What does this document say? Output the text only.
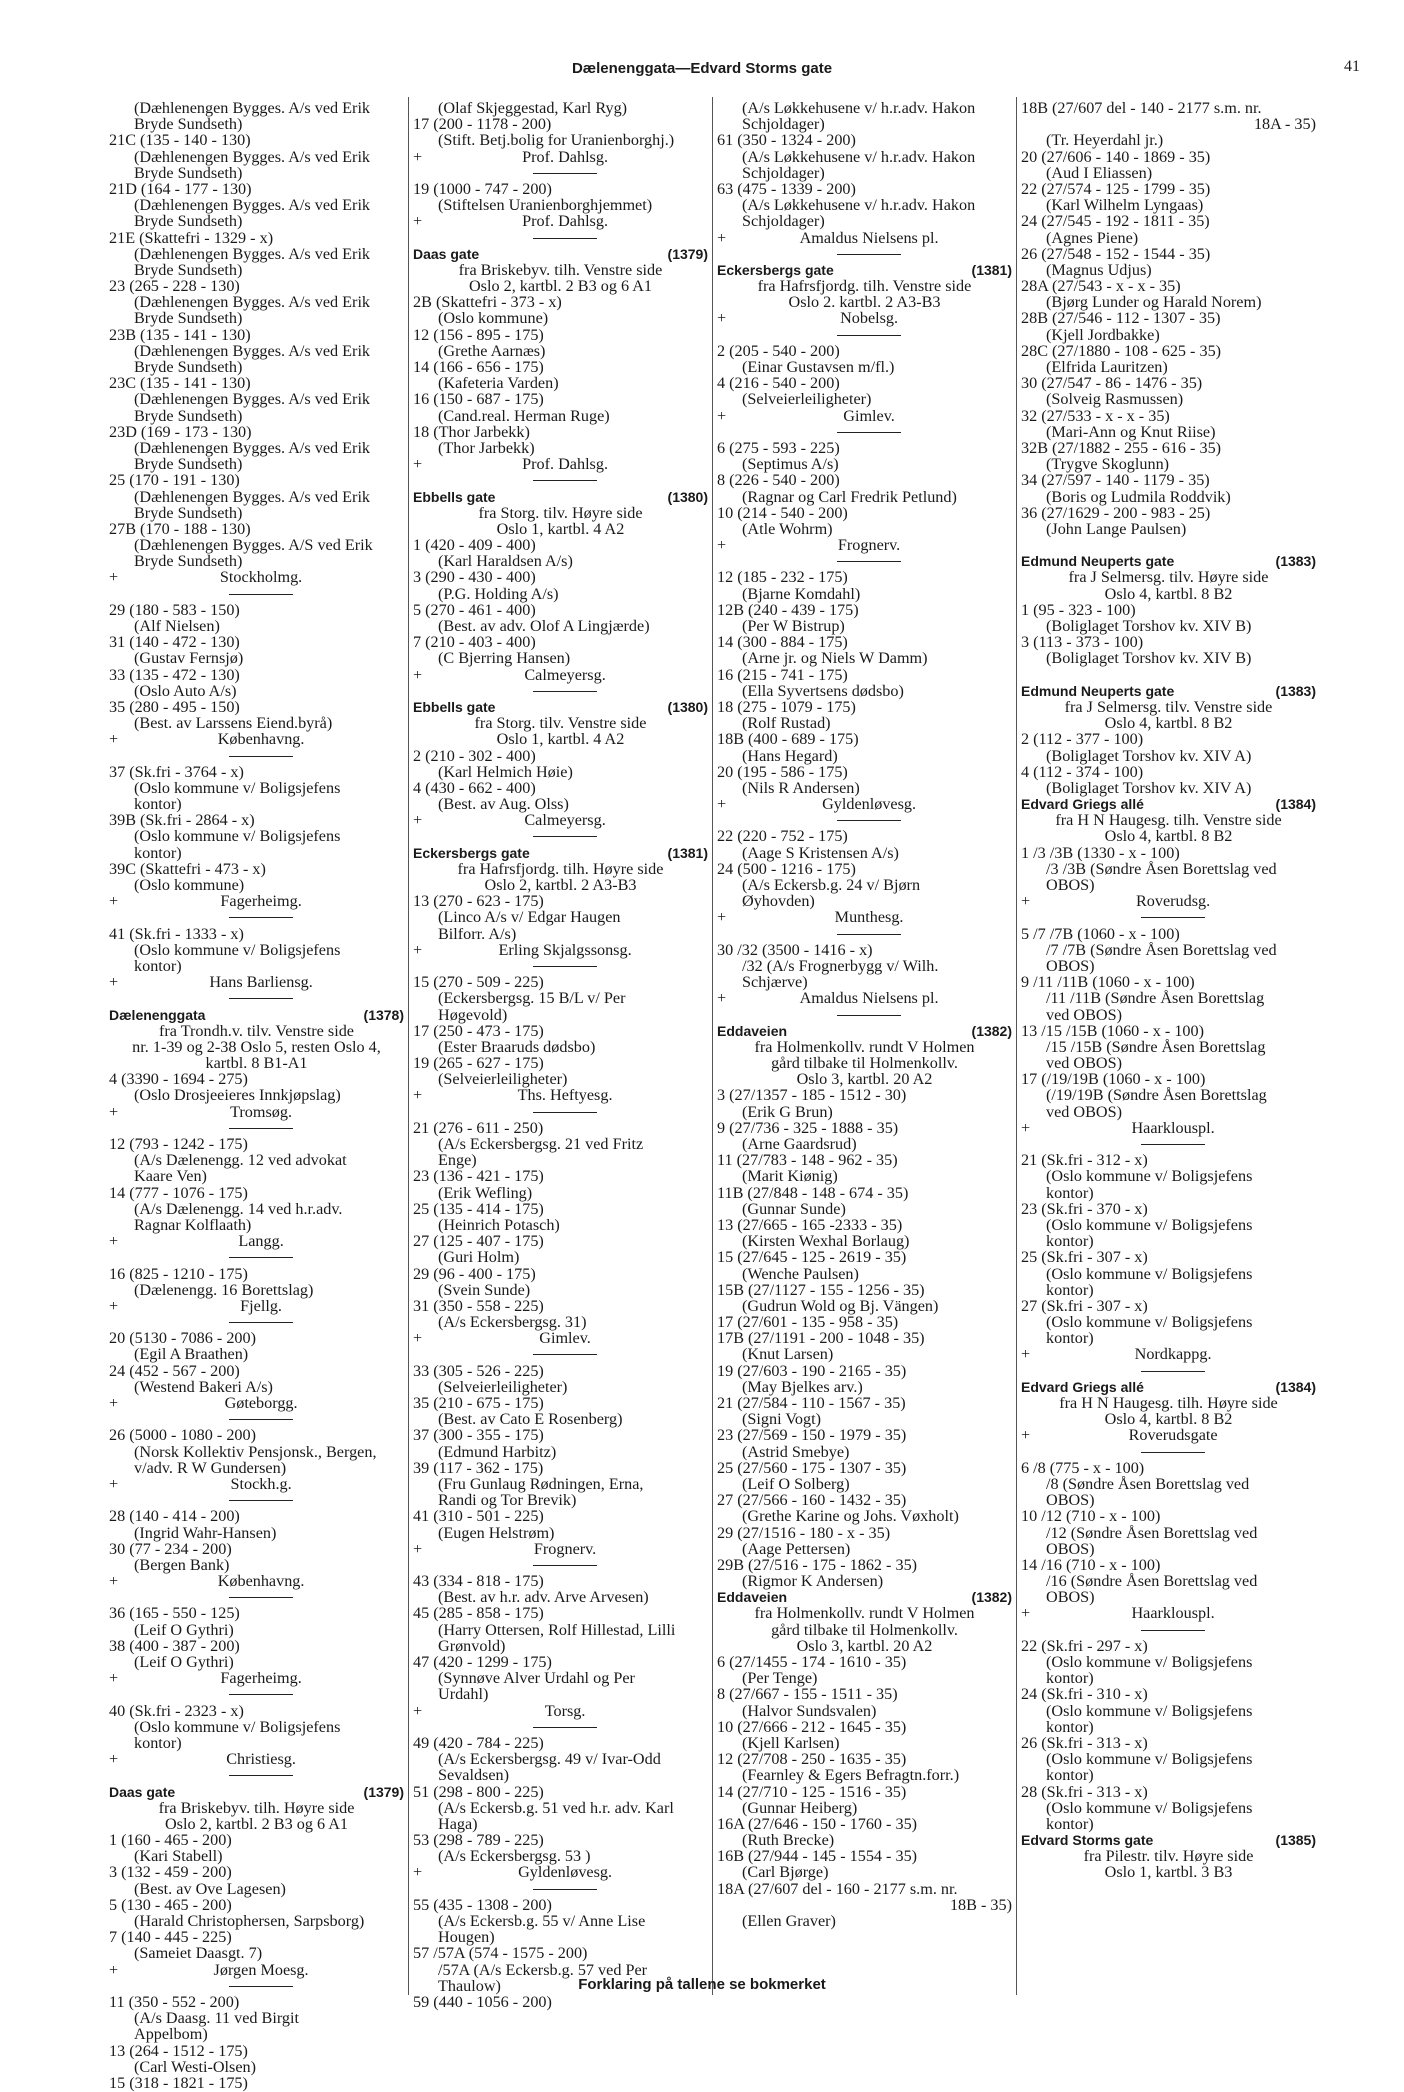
Dælenenggata—Edvard Storms gate	41
(Dæhlenengen Bygges. A/s ved Erik
Bryde Sundseth)
21C (135 - 140 - 130)
(Dæhlenengen Bygges. A/s ved Erik
Bryde Sundseth)
21D (164 - 177 - 130)
(Dæhlenengen Bygges. A/s ved Erik
Bryde Sundseth)
21E (Skattefri - 1329 - x)
(Dæhlenengen Bygges. A/s ved Erik
Bryde Sundseth)
23 (265 - 228 - 130)
(Dæhlenengen Bygges. A/s ved Erik
Bryde Sundseth)
23B (135 - 141 - 130)
(Dæhlenengen Bygges. A/s ved Erik
Bryde Sundseth)
23C (135 - 141 - 130)
(Dæhlenengen Bygges. A/s ved Erik
Bryde Sundseth)
23D (169 - 173 - 130)
(Dæhlenengen Bygges. A/s ved Erik
Bryde Sundseth)
25 (170 - 191 - 130)
(Dæhlenengen Bygges. A/s ved Erik
Bryde Sundseth)
27B (170 - 188 - 130)
(Dæhlenengen Bygges. A/S ved Erik
Bryde Sundseth)
+	Stockholmg.
29 (180 - 583 - 150)
(Alf Nielsen)
31 (140 - 472 - 130)
(Gustav Fernsjø)
33 (135 - 472 - 130)
(Oslo Auto A/s)
35 (280 - 495 - 150)
(Best. av Larssens Eiend.byrå)
+	Københavng.
37 (Sk.fri - 3764 - x)
(Oslo kommune v/ Boligsjefens
kontor)
39B (Sk.fri - 2864 - x)
(Oslo kommune v/ Boligsjefens
kontor)
39C (Skattefri - 473 - x)
(Oslo kommune)
+	Fagerheimg.
41 (Sk.fri - 1333 - x)
(Oslo kommune v/ Boligsjefens
kontor)
+	Hans Barliensg.
Dælenenggata	(1378)
fra Trondh.v. tilv. Venstre side
nr. 1-39 og 2-38 Oslo 5, resten Oslo 4,
kartbl. 8 B1-A1
4 (3390 - 1694 - 275)
(Oslo Drosjeeieres Innkjøpslag)
+	Tromsøg.
12 (793 - 1242 - 175)
(A/s Dælenengg. 12 ved advokat
Kaare Ven)
14 (777 - 1076 - 175)
(A/s Dælenengg. 14 ved h.r.adv.
Ragnar Kolflaath)
+	Langg.
16 (825 - 1210 - 175)
(Dælenengg. 16 Borettslag)
+	Fjellg.
20 (5130 - 7086 - 200)
(Egil A Braathen)
24 (452 - 567 - 200)
(Westend Bakeri A/s)
+	Gøteborgg.
26 (5000 - 1080 - 200)
(Norsk Kollektiv Pensjonsk., Bergen,
v/adv. R W Gundersen)
+	Stockh.g.
28 (140 - 414 - 200)
(Ingrid Wahr-Hansen)
30 (77 - 234 - 200)
(Bergen Bank)
+	Københavng.
36 (165 - 550 - 125)
(Leif O Gythri)
38 (400 - 387 - 200)
(Leif O Gythri)
+	Fagerheimg.
40 (Sk.fri - 2323 - x)
(Oslo kommune v/ Boligsjefens
kontor)
+	Christiesg.
Daas gate	(1379)
fra Briskebyv. tilh. Høyre side
Oslo 2, kartbl. 2 B3 og 6 A1
1 (160 - 465 - 200)
(Kari Stabell)
3 (132 - 459 - 200)
(Best. av Ove Lagesen)
5 (130 - 465 - 200)
(Harald Christophersen, Sarpsborg)
7 (140 - 445 - 225)
(Sameiet Daasgt. 7)
+	Jørgen Moesg.
11 (350 - 552 - 200)
(A/s Daasg. 11 ved Birgit
Appelbom)
13 (264 - 1512 - 175)
(Carl Westi-Olsen)
15 (318 - 1821 - 175)
(Olaf Skjeggestad, Karl Ryg)
17 (200 - 1178 - 200)
(Stift. Betj.bolig for Uranienborghj.)
+	Prof. Dahlsg.
19 (1000 - 747 - 200)
(Stiftelsen Uranienborghjemmet)
+	Prof. Dahlsg.
Daas gate	(1379)
fra Briskebyv. tilh. Venstre side
Oslo 2, kartbl. 2 B3 og 6 A1
2B (Skattefri - 373 - x)
(Oslo kommune)
12 (156 - 895 - 175)
(Grethe Aarnæs)
14 (166 - 656 - 175)
(Kafeteria Varden)
16 (150 - 687 - 175)
(Cand.real. Herman Ruge)
18 (Thor Jarbekk)
(Thor Jarbekk)
+	Prof. Dahlsg.
Ebbells gate	(1380)
fra Storg. tilv. Høyre side
Oslo 1, kartbl. 4 A2
1 (420 - 409 - 400)
(Karl Haraldsen A/s)
3 (290 - 430 - 400)
(P.G. Holding A/s)
5 (270 - 461 - 400)
(Best. av adv. Olof A Lingjærde)
7 (210 - 403 - 400)
(C Bjerring Hansen)
+	Calmeyersg.
Ebbells gate	(1380)
fra Storg. tilv. Venstre side
Oslo 1, kartbl. 4 A2
2 (210 - 302 - 400)
(Karl Helmich Høie)
4 (430 - 662 - 400)
(Best. av Aug. Olss)
+	Calmeyersg.
Eckersbergs gate	(1381)
fra Hafrsfjordg. tilh. Høyre side
Oslo 2, kartbl. 2 A3-B3
13 (270 - 623 - 175)
(Linco A/s v/ Edgar Haugen
Bilforr. A/s)
+	Erling Skjalgssonsg.
15 (270 - 509 - 225)
(Eckersbergsg. 15 B/L v/ Per
Høgevold)
17 (250 - 473 - 175)
(Ester Braaruds dødsbo)
19 (265 - 627 - 175)
(Selveierleiligheter)
+	Ths. Heftyesg.
21 (276 - 611 - 250)
(A/s Eckersbergsg. 21 ved Fritz
Enge)
23 (136 - 421 - 175)
(Erik Wefling)
25 (135 - 414 - 175)
(Heinrich Potasch)
27 (125 - 407 - 175)
(Guri Holm)
29 (96 - 400 - 175)
(Svein Sunde)
31 (350 - 558 - 225)
(A/s Eckersbergsg. 31)
+	Gimlev.
33 (305 - 526 - 225)
(Selveierleiligheter)
35 (210 - 675 - 175)
(Best. av Cato E Rosenberg)
37 (300 - 355 - 175)
(Edmund Harbitz)
39 (117 - 362 - 175)
(Fru Gunlaug Rødningen, Erna,
Randi og Tor Brevik)
41 (310 - 501 - 225)
(Eugen Helstrøm)
+	Frognerv.
43 (334 - 818 - 175)
(Best. av h.r. adv. Arve Arvesen)
45 (285 - 858 - 175)
(Harry Ottersen, Rolf Hillestad, Lilli
Grønvold)
47 (420 - 1299 - 175)
(Synnøve Alver Urdahl og Per
Urdahl)
+	Torsg.
49 (420 - 784 - 225)
(A/s Eckersbergsg. 49 v/ Ivar-Odd
Sevaldsen)
51 (298 - 800 - 225)
(A/s Eckersb.g. 51 ved h.r. adv. Karl
Haga)
53 (298 - 789 - 225)
(A/s Eckersbergsg. 53 )
+	Gyldenløvesg.
55 (435 - 1308 - 200)
(A/s Eckersb.g. 55 v/ Anne Lise
Hougen)
57 /57A (574 - 1575 - 200)
/57A (A/s Eckersb.g. 57 ved Per
Thaulow)
59 (440 - 1056 - 200)
(A/s Løkkehusene v/ h.r.adv. Hakon
Schjoldager)
61 (350 - 1324 - 200)
(A/s Løkkehusene v/ h.r.adv. Hakon
Schjoldager)
63 (475 - 1339 - 200)
(A/s Løkkehusene v/ h.r.adv. Hakon
Schjoldager)
+	Amaldus Nielsens pl.
Eckersbergs gate	(1381)
fra Hafrsfjordg. tilh. Venstre side
Oslo 2. kartbl. 2 A3-B3
+	Nobelsg.
2 (205 - 540 - 200)
(Einar Gustavsen m/fl.)
4 (216 - 540 - 200)
(Selveierleiligheter)
+	Gimlev.
6 (275 - 593 - 225)
(Septimus A/s)
8 (226 - 540 - 200)
(Ragnar og Carl Fredrik Petlund)
10 (214 - 540 - 200)
(Atle Wohrm)
+	Frognerv.
12 (185 - 232 - 175)
(Bjarne Komdahl)
12B (240 - 439 - 175)
(Per W Bistrup)
14 (300 - 884 - 175)
(Arne jr. og Niels W Damm)
16 (215 - 741 - 175)
(Ella Syvertsens dødsbo)
18 (275 - 1079 - 175)
(Rolf Rustad)
18B (400 - 689 - 175)
(Hans Hegard)
20 (195 - 586 - 175)
(Nils R Andersen)
+	Gyldenløvesg.
22 (220 - 752 - 175)
(Aage S Kristensen A/s)
24 (500 - 1216 - 175)
(A/s Eckersb.g. 24 v/ Bjørn
Øyhovden)
+	Munthesg.
30 /32 (3500 - 1416 - x)
/32 (A/s Frognerbygg v/ Wilh.
Schjærve)
+	Amaldus Nielsens pl.
Eddaveien	(1382)
fra Holmenkollv. rundt V Holmen
gård tilbake til Holmenkollv.
Oslo 3, kartbl. 20 A2
3 (27/1357 - 185 - 1512 - 30)
(Erik G Brun)
9 (27/736 - 325 - 1888 - 35)
(Arne Gaardsrud)
11 (27/783 - 148 - 962 - 35)
(Marit Kiønig)
11B (27/848 - 148 - 674 - 35)
(Gunnar Sunde)
13 (27/665 - 165 -2333 - 35)
(Kirsten Wexhal Borlaug)
15 (27/645 - 125 - 2619 - 35)
(Wenche Paulsen)
15B (27/1127 - 155 - 1256 - 35)
(Gudrun Wold og Bj. Vängen)
17 (27/601 - 135 - 958 - 35)
17B (27/1191 - 200 - 1048 - 35)
(Knut Larsen)
19 (27/603 - 190 - 2165 - 35)
(May Bjelkes arv.)
21 (27/584 - 110 - 1567 - 35)
(Signi Vogt)
23 (27/569 - 150 - 1979 - 35)
(Astrid Smebye)
25 (27/560 - 175 - 1307 - 35)
(Leif O Solberg)
27 (27/566 - 160 - 1432 - 35)
(Grethe Karine og Johs. Vøxholt)
29 (27/1516 - 180 - x - 35)
(Aage Pettersen)
29B (27/516 - 175 - 1862 - 35)
(Rigmor K Andersen)
Eddaveien	(1382)
fra Holmenkollv. rundt V Holmen
gård tilbake til Holmenkollv.
Oslo 3, kartbl. 20 A2
6 (27/1455 - 174 - 1610 - 35)
(Per Tenge)
8 (27/667 - 155 - 1511 - 35)
(Halvor Sundsvalen)
10 (27/666 - 212 - 1645 - 35)
(Kjell Karlsen)
12 (27/708 - 250 - 1635 - 35)
(Fearnley & Egers Befragtn.forr.)
14 (27/710 - 125 - 1516 - 35)
(Gunnar Heiberg)
16A (27/646 - 150 - 1760 - 35)
(Ruth Brecke)
16B (27/944 - 145 - 1554 - 35)
(Carl Bjørge)
18A (27/607 del - 160 - 2177 s.m. nr.
18B - 35)
(Ellen Graver)
18B (27/607 del - 140 - 2177 s.m. nr.
18A - 35)
(Tr. Heyerdahl jr.)
20 (27/606 - 140 - 1869 - 35)
(Aud I Eliassen)
22 (27/574 - 125 - 1799 - 35)
(Karl Wilhelm Lyngaas)
24 (27/545 - 192 - 1811 - 35)
(Agnes Piene)
26 (27/548 - 152 - 1544 - 35)
(Magnus Udjus)
28A (27/543 - x - x - 35)
(Bjørg Lunder og Harald Norem)
28B (27/546 - 112 - 1307 - 35)
(Kjell Jordbakke)
28C (27/1880 - 108 - 625 - 35)
(Elfrida Lauritzen)
30 (27/547 - 86 - 1476 - 35)
(Solveig Rasmussen)
32 (27/533 - x - x - 35)
(Mari-Ann og Knut Riise)
32B (27/1882 - 255 - 616 - 35)
(Trygve Skoglunn)
34 (27/597 - 140 - 1179 - 35)
(Boris og Ludmila Roddvik)
36 (27/1629 - 200 - 983 - 25)
(John Lange Paulsen)
Edmund Neuperts gate	(1383)
fra J Selmersg. tilv. Høyre side
Oslo 4, kartbl. 8 B2
1 (95 - 323 - 100)
(Boliglaget Torshov kv. XIV B)
3 (113 - 373 - 100)
(Boliglaget Torshov kv. XIV B)
Edmund Neuperts gate	(1383)
fra J Selmersg. tilv. Venstre side
Oslo 4, kartbl. 8 B2
2 (112 - 377 - 100)
(Boliglaget Torshov kv. XIV A)
4 (112 - 374 - 100)
(Boliglaget Torshov kv. XIV A)
Edvard Griegs allé	(1384)
fra H N Haugesg. tilh. Venstre side
Oslo 4, kartbl. 8 B2
1 /3 /3B (1330 - x - 100)
/3 /3B (Søndre Åsen Borettslag ved
OBOS)
+	Roverudsg.
5 /7 /7B (1060 - x - 100)
/7 /7B (Søndre Åsen Borettslag ved
OBOS)
9 /11 /11B (1060 - x - 100)
/11 /11B (Søndre Åsen Borettslag
ved OBOS)
13 /15 /15B (1060 - x - 100)
/15 /15B (Søndre Åsen Borettslag
ved OBOS)
17 (/19/19B (1060 - x - 100)
(/19/19B (Søndre Åsen Borettslag
ved OBOS)
+	Haarklouspl.
21 (Sk.fri - 312 - x)
(Oslo kommune v/ Boligsjefens
kontor)
23 (Sk.fri - 370 - x)
(Oslo kommune v/ Boligsjefens
kontor)
25 (Sk.fri - 307 - x)
(Oslo kommune v/ Boligsjefens
kontor)
27 (Sk.fri - 307 - x)
(Oslo kommune v/ Boligsjefens
kontor)
+	Nordkappg.
Edvard Griegs allé	(1384)
fra H N Haugesg. tilh. Høyre side
Oslo 4, kartbl. 8 B2
+	Roverudsgate
6 /8 (775 - x - 100)
/8 (Søndre Åsen Borettslag ved
OBOS)
10 /12 (710 - x - 100)
/12 (Søndre Åsen Borettslag ved
OBOS)
14 /16 (710 - x - 100)
/16 (Søndre Åsen Borettslag ved
OBOS)
+	Haarklouspl.
22 (Sk.fri - 297 - x)
(Oslo kommune v/ Boligsjefens
kontor)
24 (Sk.fri - 310 - x)
(Oslo kommune v/ Boligsjefens
kontor)
26 (Sk.fri - 313 - x)
(Oslo kommune v/ Boligsjefens
kontor)
28 (Sk.fri - 313 - x)
(Oslo kommune v/ Boligsjefens
kontor)
Edvard Storms gate	(1385)
fra Pilestr. tilv. Høyre side
Oslo 1, kartbl. 3 B3
Forklaring på tallene se bokmerket
